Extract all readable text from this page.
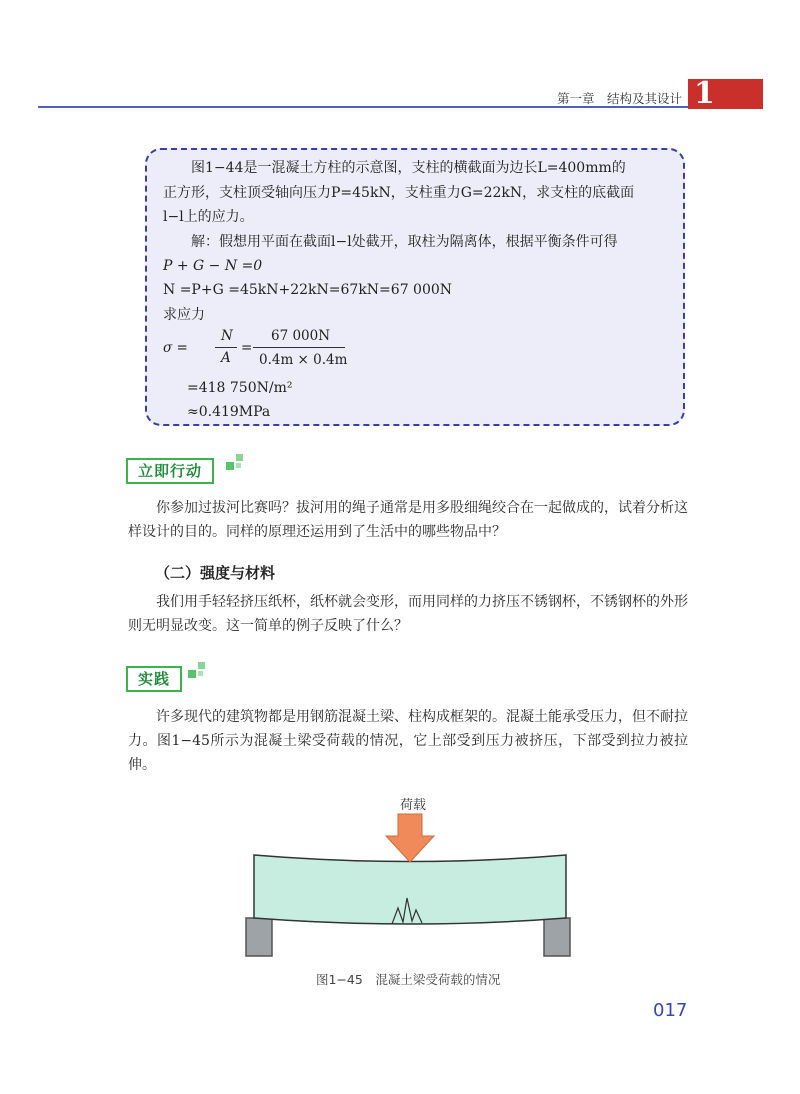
第一章　结构及其设计 1
图1−44是一混凝土方柱的示意图，支柱的横截面为边长L=400mm的
正方形，支柱顶受轴向压力P=45kN，支柱重力G=22kN，求支柱的底截面
l−l上的应力。
解：假想用平面在截面l−l处截开，取柱为隔离体，根据平衡条件可得
P + G − N =0
N =P+G =45kN+22kN=67kN=67 000N
求应力
σ =
N
A
=
67 000N
0.4m × 0.4m
=418 750N/m²
≈0.419MPa
立即行动
你参加过拔河比赛吗？拔河用的绳子通常是用多股细绳绞合在一起做成的，试着分析这样设计的目的。同样的原理还运用到了生活中的哪些物品中？
（二）强度与材料
我们用手轻轻挤压纸杯，纸杯就会变形，而用同样的力挤压不锈钢杯，不锈钢杯的外形则无明显改变。这一简单的例子反映了什么？
实践
许多现代的建筑物都是用钢筋混凝土梁、柱构成框架的。混凝土能承受压力，但不耐拉力。图1−45所示为混凝土梁受荷载的情况，它上部受到压力被挤压，下部受到拉力被拉伸。
荷载
图1−45　混凝土梁受荷载的情况
017
